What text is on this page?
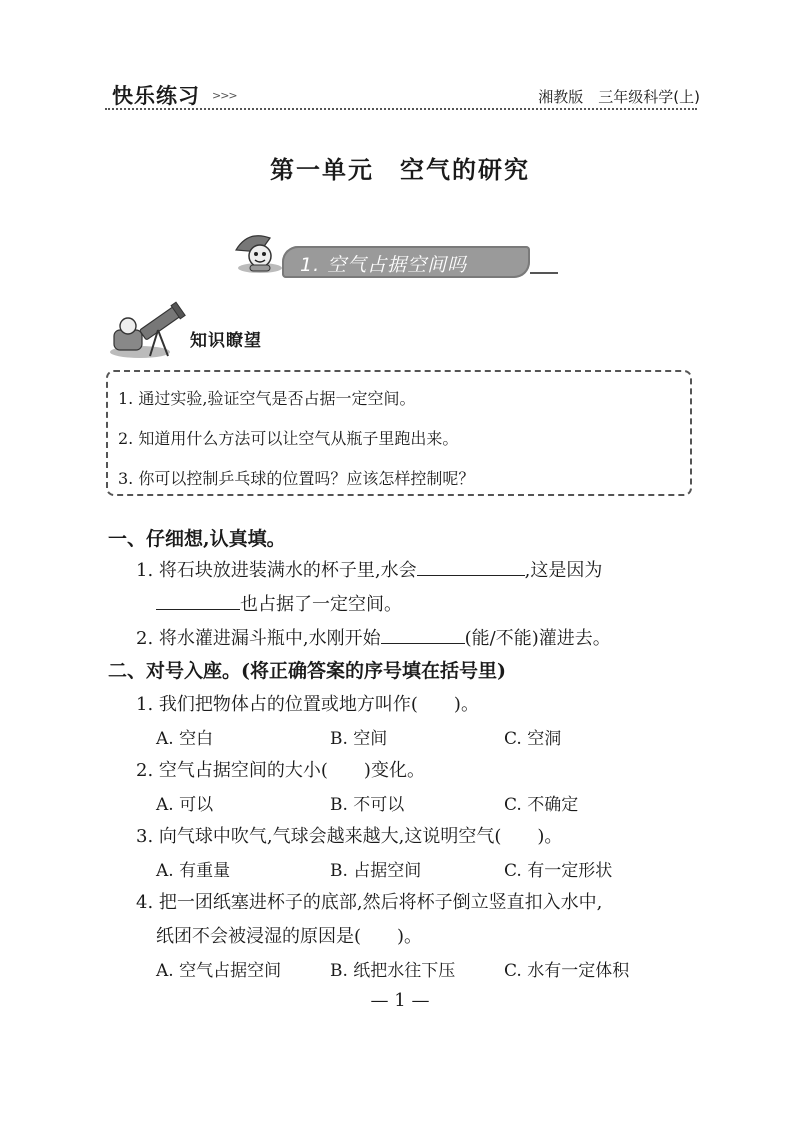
快乐练习 >>>	湘教版　三年级科学(上)
第一单元　空气的研究
1. 空气占据空间吗
知识瞭望
1. 通过实验,验证空气是否占据一定空间。
2. 知道用什么方法可以让空气从瓶子里跑出来。
3. 你可以控制乒乓球的位置吗？应该怎样控制呢？
一、仔细想,认真填。
1. 将石块放进装满水的杯子里,水会	,这是因为
也占据了一定空间。
2. 将水灌进漏斗瓶中,水刚开始	(能/不能)灌进去。
二、对号入座。(将正确答案的序号填在括号里)
1. 我们把物体占的位置或地方叫作(　　)。
A. 空白	B. 空间	C. 空洞
2. 空气占据空间的大小(　　)变化。
A. 可以	B. 不可以	C. 不确定
3. 向气球中吹气,气球会越来越大,这说明空气(　　)。
A. 有重量	B. 占据空间	C. 有一定形状
4. 把一团纸塞进杯子的底部,然后将杯子倒立竖直扣入水中,
纸团不会被浸湿的原因是(　　)。
A. 空气占据空间	B. 纸把水往下压	C. 水有一定体积
— 1 —
